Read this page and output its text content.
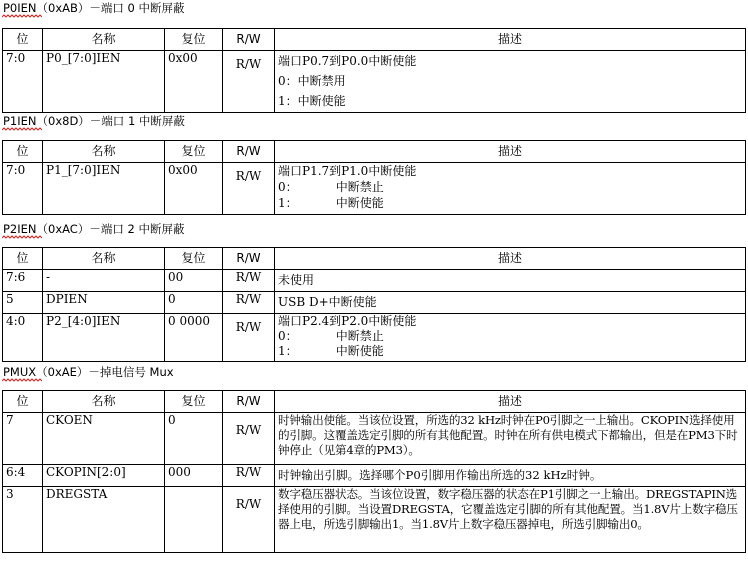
P0IEN（0xAB）－端口 0 中断屏蔽
位	名称	复位	R/W	描述
7:0	P0_[7:0]IEN	0x00	R/W	端口P0.7到P0.0中断使能
0：中断禁用
1：中断使能
P1IEN（0x8D）－端口 1 中断屏蔽
位	名称	复位	R/W	描述
7:0	P1_[7:0]IEN	0x00	R/W	端口P1.7到P1.0中断使能
0：          中断禁止
1：          中断使能
P2IEN（0xAC）－端口 2 中断屏蔽
位	名称	复位	R/W	描述
7:6	-	00	R/W	未使用

5	DPIEN	0	R/W	USB D+中断使能

4:0	P2_[4:0]IEN	0 0000	R/W	端口P2.4到P2.0中断使能
0：          中断禁止
1：          中断使能
PMUX（0xAE）－掉电信号 Mux
位	名称	复位	R/W	描述
7	CKOEN	0	R/W	时钟输出使能。当该位设置，所选的32 kHz时钟在P0引脚之一上输出。CKOPIN选择使用的引脚。这覆盖选定引脚的所有其他配置。时钟在所有供电模式下都输出，但是在PM3下时钟停止（见第4章的PM3）。
6:4	CKOPIN[2:0]	000	R/W	时钟输出引脚。选择哪个P0引脚用作输出所选的32 kHz时钟。

3	DREGSTA		R/W	数字稳压器状态。当该位设置，数字稳压器的状态在P1引脚之一上输出。DREGSTAPIN选择使用的引脚。当设置DREGSTA，它覆盖选定引脚的所有其他配置。当1.8V片上数字稳压器上电，所选引脚输出1。当1.8V片上数字稳压器掉电，所选引脚输出0。
